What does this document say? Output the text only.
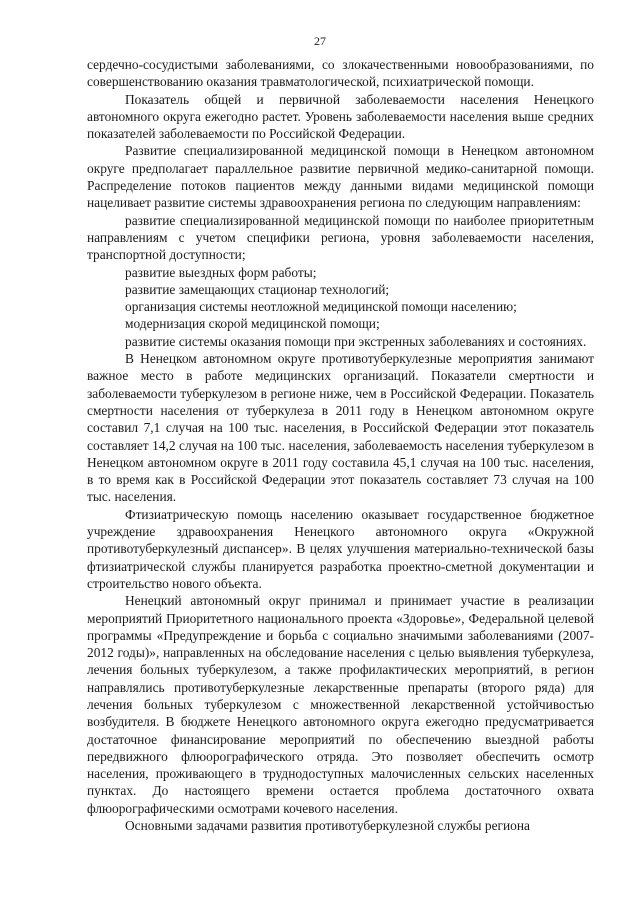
27

сердечно-сосудистыми заболеваниями, со злокачественными новообразованиями, по совершенствованию оказания травматологической, психиатрической помощи.

Показатель общей и первичной заболеваемости населения Ненецкого автономного округа ежегодно растет. Уровень заболеваемости населения выше средних показателей заболеваемости по Российской Федерации.

Развитие специализированной медицинской помощи в Ненецком автономном округе предполагает параллельное развитие первичной медико-санитарной помощи. Распределение потоков пациентов между данными видами медицинской помощи нацеливает развитие системы здравоохранения региона по следующим направлениям:

развитие специализированной медицинской помощи по наиболее приоритетным направлениям с учетом специфики региона, уровня заболеваемости населения, транспортной доступности;

развитие выездных форм работы;

развитие замещающих стационар технологий;

организация системы неотложной медицинской помощи населению;

модернизация скорой медицинской помощи;

развитие системы оказания помощи при экстренных заболеваниях и состояниях.

В Ненецком автономном округе противотуберкулезные мероприятия занимают важное место в работе медицинских организаций. Показатели смертности и заболеваемости туберкулезом в регионе ниже, чем в Российской Федерации. Показатель смертности населения от туберкулеза в 2011 году в Ненецком автономном округе составил 7,1 случая на 100 тыс. населения, в Российской Федерации этот показатель составляет 14,2 случая на 100 тыс. населения, заболеваемость населения туберкулезом в Ненецком автономном округе в 2011 году составила 45,1 случая на 100 тыс. населения, в то время как в Российской Федерации этот показатель составляет 73 случая на 100 тыс. населения.

Фтизиатрическую помощь населению оказывает государственное бюджетное учреждение здравоохранения Ненецкого автономного округа «Окружной противотуберкулезный диспансер». В целях улучшения материально-технической базы фтизиатрической службы планируется разработка проектно-сметной документации и строительство нового объекта.

Ненецкий автономный округ принимал и принимает участие в реализации мероприятий Приоритетного национального проекта «Здоровье», Федеральной целевой программы «Предупреждение и борьба с социально значимыми заболеваниями (2007-2012 годы)», направленных на обследование населения с целью выявления туберкулеза, лечения больных туберкулезом, а также профилактических мероприятий, в регион направлялись противотуберкулезные лекарственные препараты (второго ряда) для лечения больных туберкулезом с множественной лекарственной устойчивостью возбудителя. В бюджете Ненецкого автономного округа ежегодно предусматривается достаточное финансирование мероприятий по обеспечению выездной работы передвижного флюорографического отряда. Это позволяет обеспечить осмотр населения, проживающего в труднодоступных малочисленных сельских населенных пунктах. До настоящего времени остается проблема достаточного охвата флюорографическими осмотрами кочевого населения.

Основными задачами развития противотуберкулезной службы региона
